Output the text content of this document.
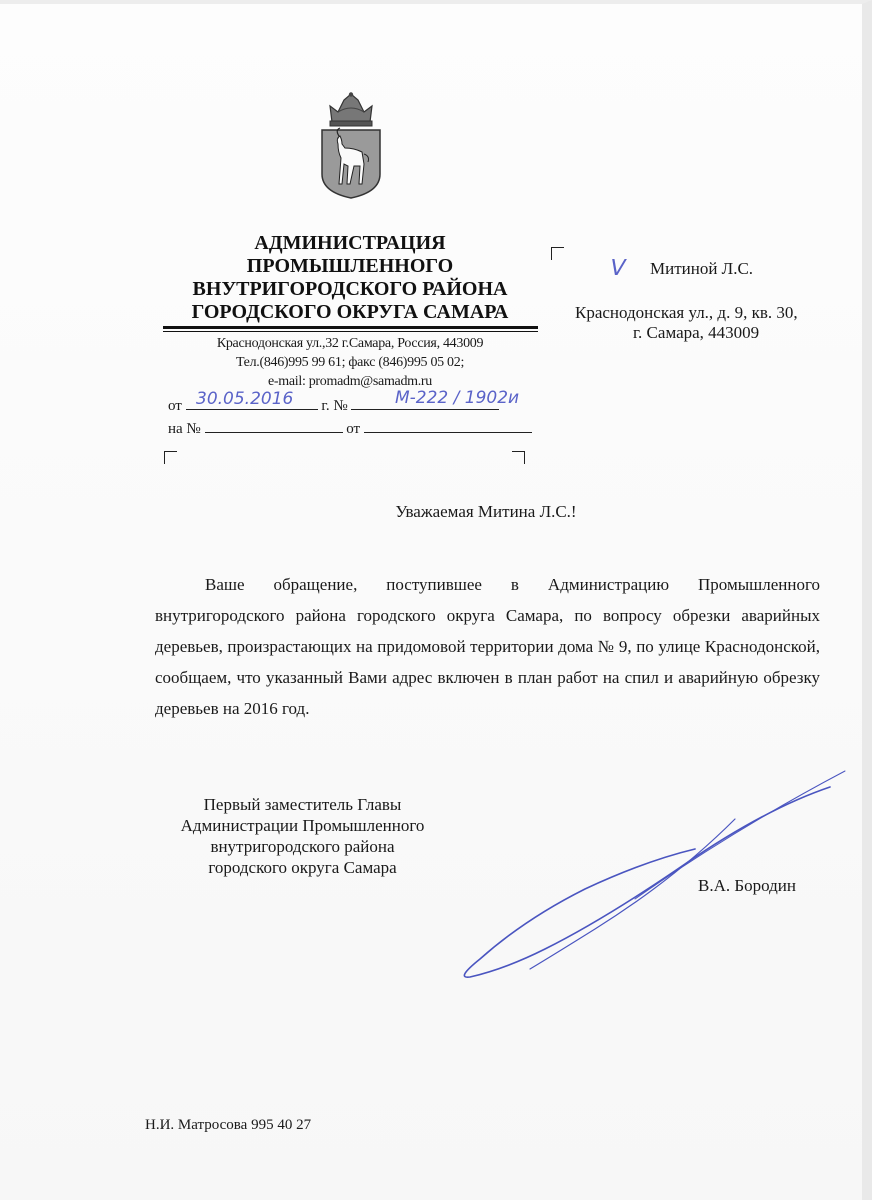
АДМИНИСТРАЦИЯ
ПРОМЫШЛЕННОГО
ВНУТРИГОРОДСКОГО РАЙОНА
ГОРОДСКОГО ОКРУГА САМАРА
Краснодонская ул.,32 г.Самара, Россия, 443009
Тел.(846)995 99 61; факс (846)995 05 02;
e-mail: promadm@samadm.ru
от	г. №
30.05.2016	М-222 / 1902и
на №	от
V Митиной Л.С.
Краснодонская ул., д. 9, кв. 30,
г. Самара, 443009
Уважаемая Митина Л.С.!
Ваше обращение, поступившее в Администрацию Промышленного внутригородского района городского округа Самара, по вопросу обрезки аварийных деревьев, произрастающих на придомовой территории дома № 9, по улице Краснодонской, сообщаем, что указанный Вами адрес включен в план работ на спил и аварийную обрезку деревьев на 2016 год.
Первый заместитель Главы
Администрации Промышленного
внутригородского района
городского округа Самара
В.А. Бородин
Н.И. Матросова 995 40 27
